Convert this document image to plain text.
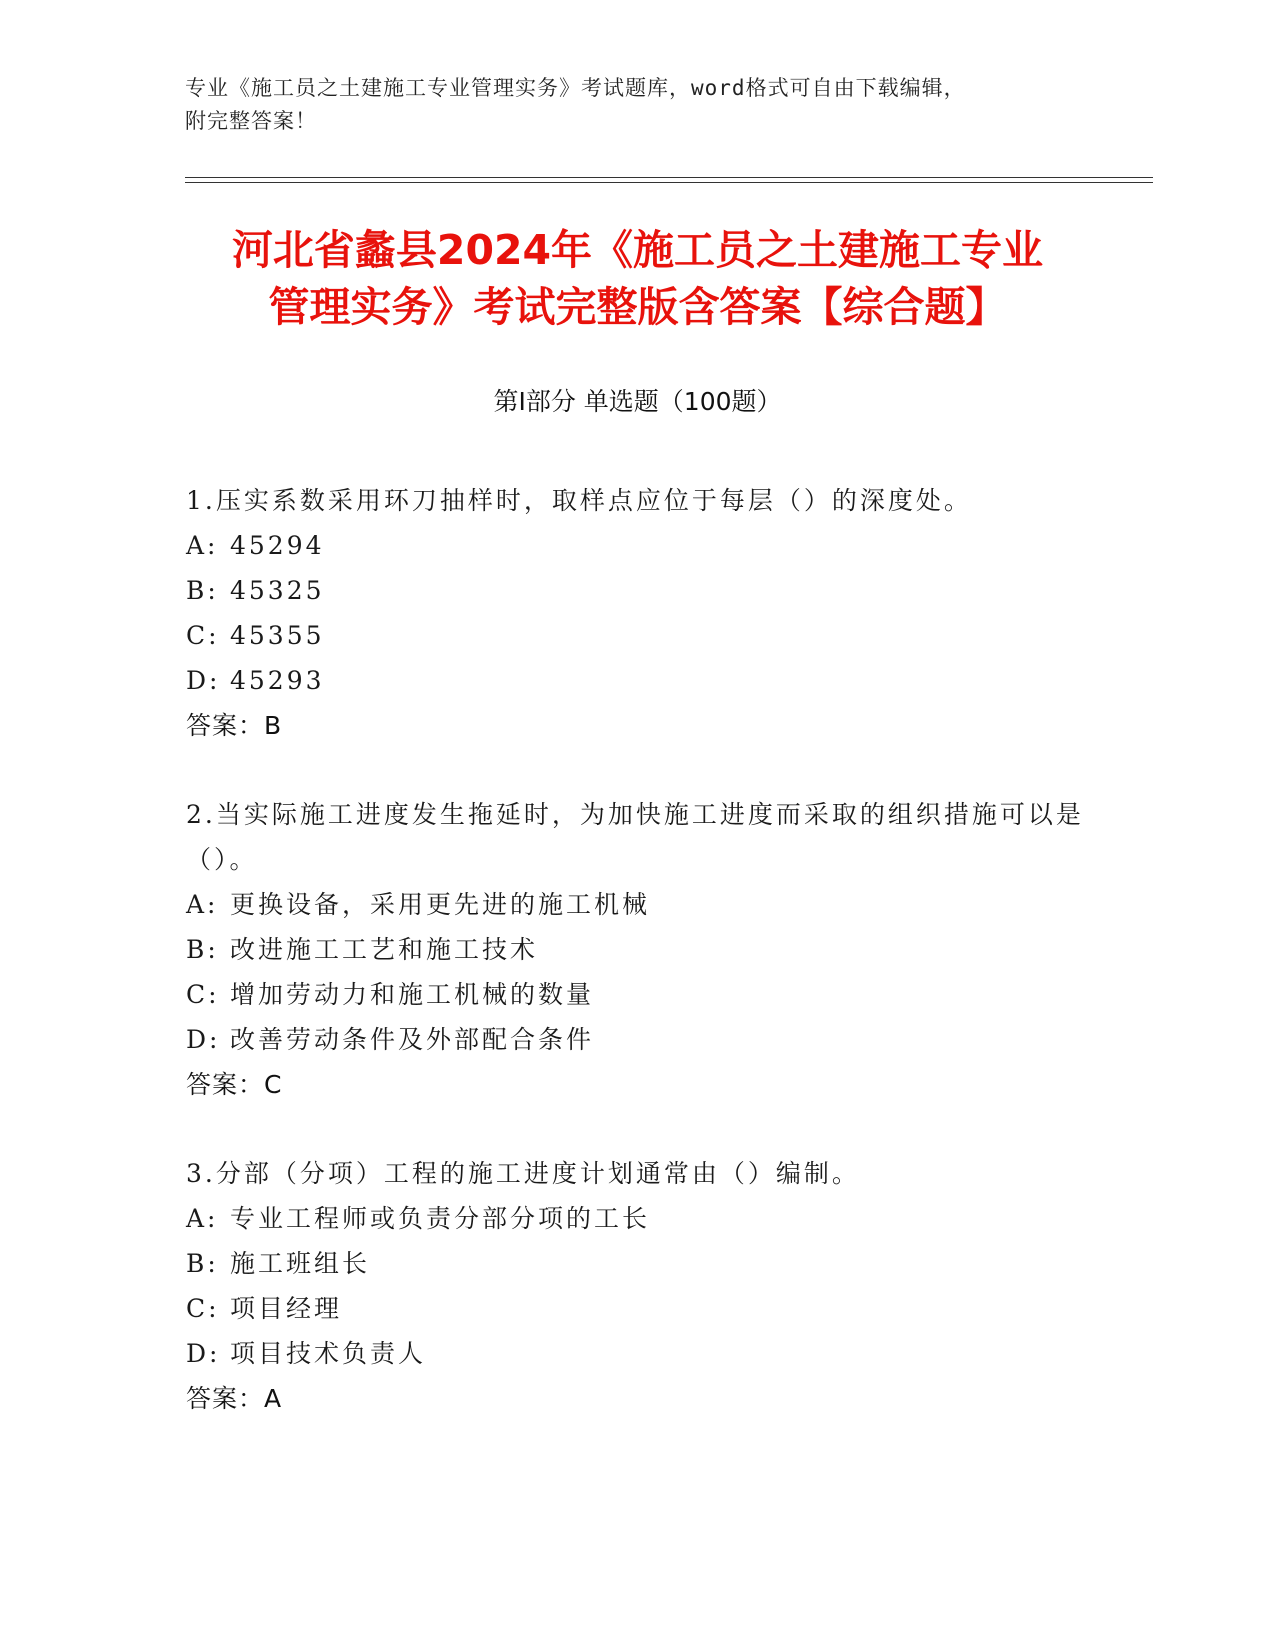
专业《施工员之土建施工专业管理实务》考试题库，word格式可自由下载编辑，
附完整答案！
河北省蠡县2024年《施工员之土建施工专业
管理实务》考试完整版含答案【综合题】
第Ⅰ部分 单选题（100题）

1.压实系数采用环刀抽样时，取样点应位于每层（）的深度处。

A: 45294
B: 45325
C: 45355
D: 45293
答案：B

2.当实际施工进度发生拖延时，为加快施工进度而采取的组织措施可以是（）。

A: 更换设备，采用更先进的施工机械
B: 改进施工工艺和施工技术
C: 增加劳动力和施工机械的数量
D: 改善劳动条件及外部配合条件
答案：C

3.分部（分项）工程的施工进度计划通常由（）编制。

A: 专业工程师或负责分部分项的工长
B: 施工班组长
C: 项目经理
D: 项目技术负责人
答案：A
